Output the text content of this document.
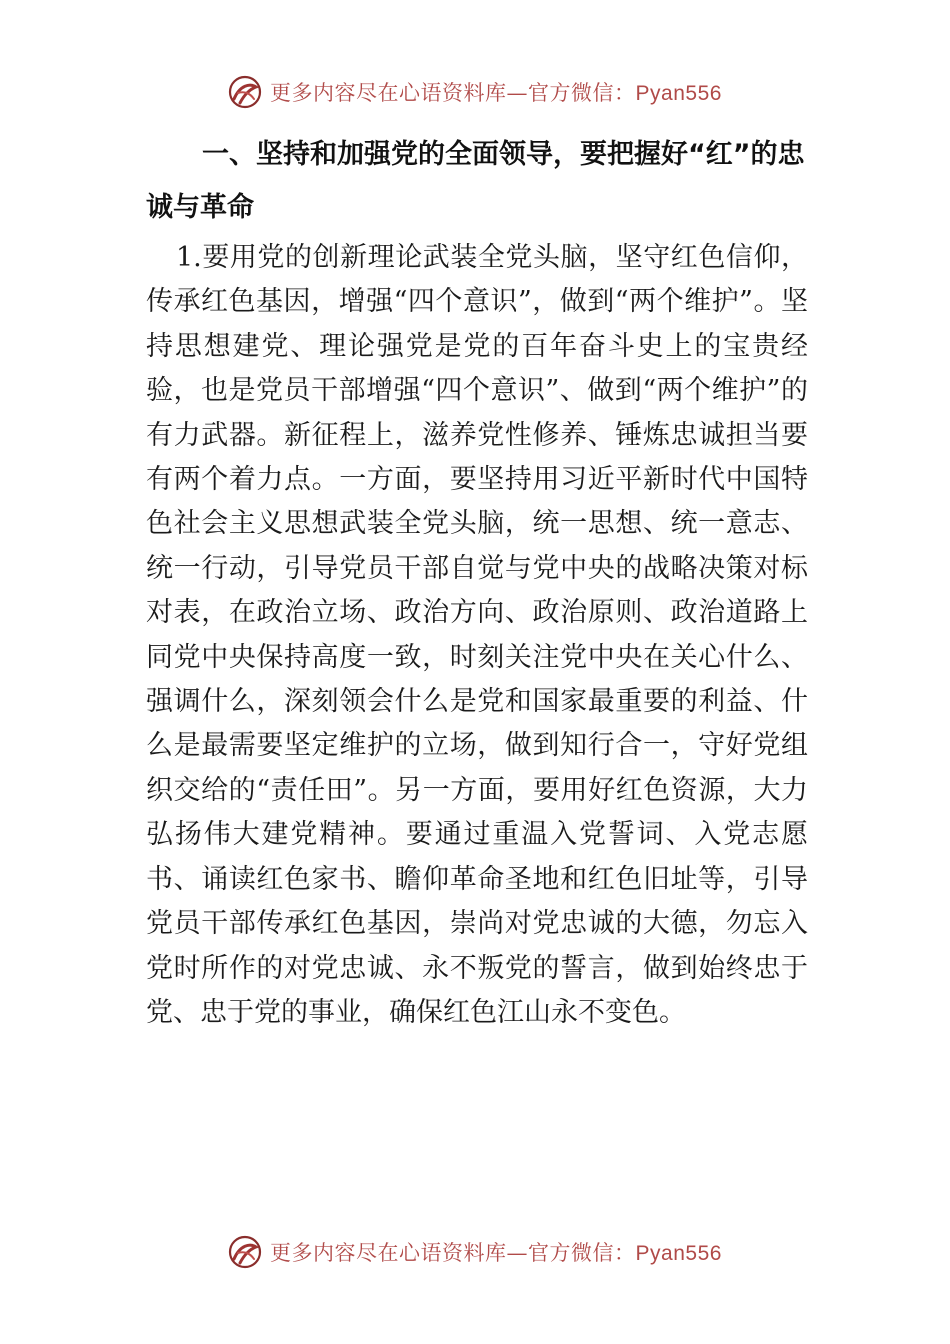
更多内容尽在心语资料库—官方微信：Pyan556
一、坚持和加强党的全面领导，要把握好“红”的忠诚与革命

1.要用党的创新理论武装全党头脑，坚守红色信仰，传承红色基因，增强“四个意识”，做到“两个维护”。坚持思想建党、理论强党是党的百年奋斗史上的宝贵经验，也是党员干部增强“四个意识”、做到“两个维护”的有力武器。新征程上，滋养党性修养、锤炼忠诚担当要有两个着力点。一方面，要坚持用习近平新时代中国特色社会主义思想武装全党头脑，统一思想、统一意志、统一行动，引导党员干部自觉与党中央的战略决策对标对表，在政治立场、政治方向、政治原则、政治道路上同党中央保持高度一致，时刻关注党中央在关心什么、强调什么，深刻领会什么是党和国家最重要的利益、什么是最需要坚定维护的立场，做到知行合一，守好党组织交给的“责任田”。另一方面，要用好红色资源，大力弘扬伟大建党精神。要通过重温入党誓词、入党志愿书、诵读红色家书、瞻仰革命圣地和红色旧址等，引导党员干部传承红色基因，崇尚对党忠诚的大德，勿忘入党时所作的对党忠诚、永不叛党的誓言，做到始终忠于党、忠于党的事业，确保红色江山永不变色。

更多内容尽在心语资料库—官方微信：Pyan556
